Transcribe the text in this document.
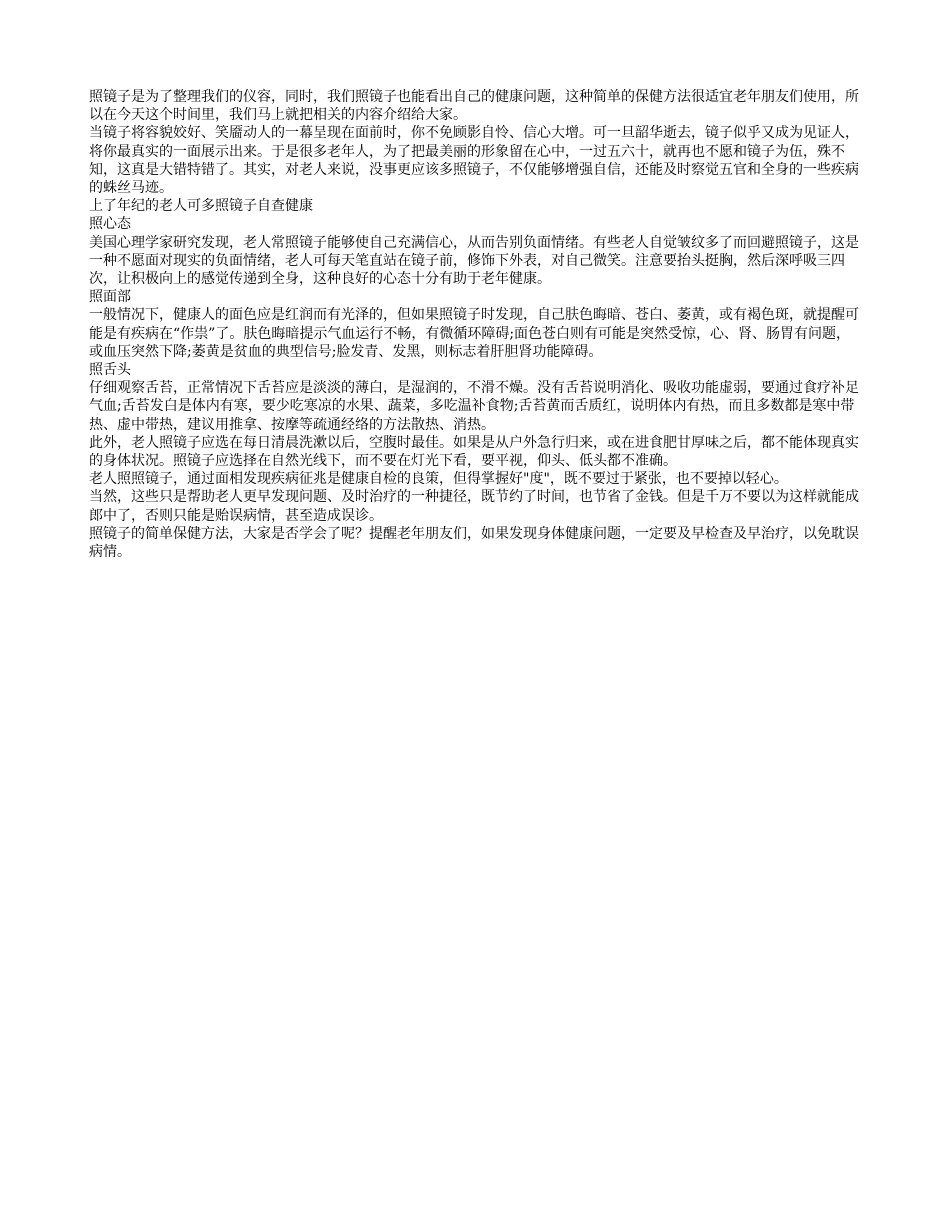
照镜子是为了整理我们的仪容，同时，我们照镜子也能看出自己的健康问题，这种简单的保健方法很适宜老年朋友们使用，所以在今天这个时间里，我们马上就把相关的内容介绍给大家。

当镜子将容貌姣好、笑靥动人的一幕呈现在面前时，你不免顾影自怜、信心大增。可一旦韶华逝去，镜子似乎又成为见证人，将你最真实的一面展示出来。于是很多老年人，为了把最美丽的形象留在心中，一过五六十，就再也不愿和镜子为伍，殊不知，这真是大错特错了。其实，对老人来说，没事更应该多照镜子，不仅能够增强自信，还能及时察觉五官和全身的一些疾病的蛛丝马迹。

上了年纪的老人可多照镜子自查健康

照心态

美国心理学家研究发现，老人常照镜子能够使自己充满信心，从而告别负面情绪。有些老人自觉皱纹多了而回避照镜子，这是一种不愿面对现实的负面情绪，老人可每天笔直站在镜子前，修饰下外表，对自己微笑。注意要抬头挺胸，然后深呼吸三四次，让积极向上的感觉传递到全身，这种良好的心态十分有助于老年健康。

照面部

一般情况下，健康人的面色应是红润而有光泽的，但如果照镜子时发现，自己肤色晦暗、苍白、萎黄，或有褐色斑，就提醒可能是有疾病在“作祟”了。肤色晦暗提示气血运行不畅，有微循环障碍;面色苍白则有可能是突然受惊，心、肾、肠胃有问题，或血压突然下降;萎黄是贫血的典型信号;脸发青、发黑，则标志着肝胆肾功能障碍。

照舌头

仔细观察舌苔，正常情况下舌苔应是淡淡的薄白，是湿润的，不滑不燥。没有舌苔说明消化、吸收功能虚弱，要通过食疗补足气血;舌苔发白是体内有寒，要少吃寒凉的水果、蔬菜，多吃温补食物;舌苔黄而舌质红，说明体内有热，而且多数都是寒中带热、虚中带热，建议用推拿、按摩等疏通经络的方法散热、消热。

此外，老人照镜子应选在每日清晨洗漱以后，空腹时最佳。如果是从户外急行归来，或在进食肥甘厚味之后，都不能体现真实的身体状况。照镜子应选择在自然光线下，而不要在灯光下看，要平视，仰头、低头都不准确。

老人照照镜子，通过面相发现疾病征兆是健康自检的良策，但得掌握好"度"，既不要过于紧张，也不要掉以轻心。

当然，这些只是帮助老人更早发现问题、及时治疗的一种捷径，既节约了时间，也节省了金钱。但是千万不要以为这样就能成郎中了，否则只能是贻误病情，甚至造成误诊。

照镜子的简单保健方法，大家是否学会了呢？提醒老年朋友们，如果发现身体健康问题，一定要及早检查及早治疗，以免耽误病情。
